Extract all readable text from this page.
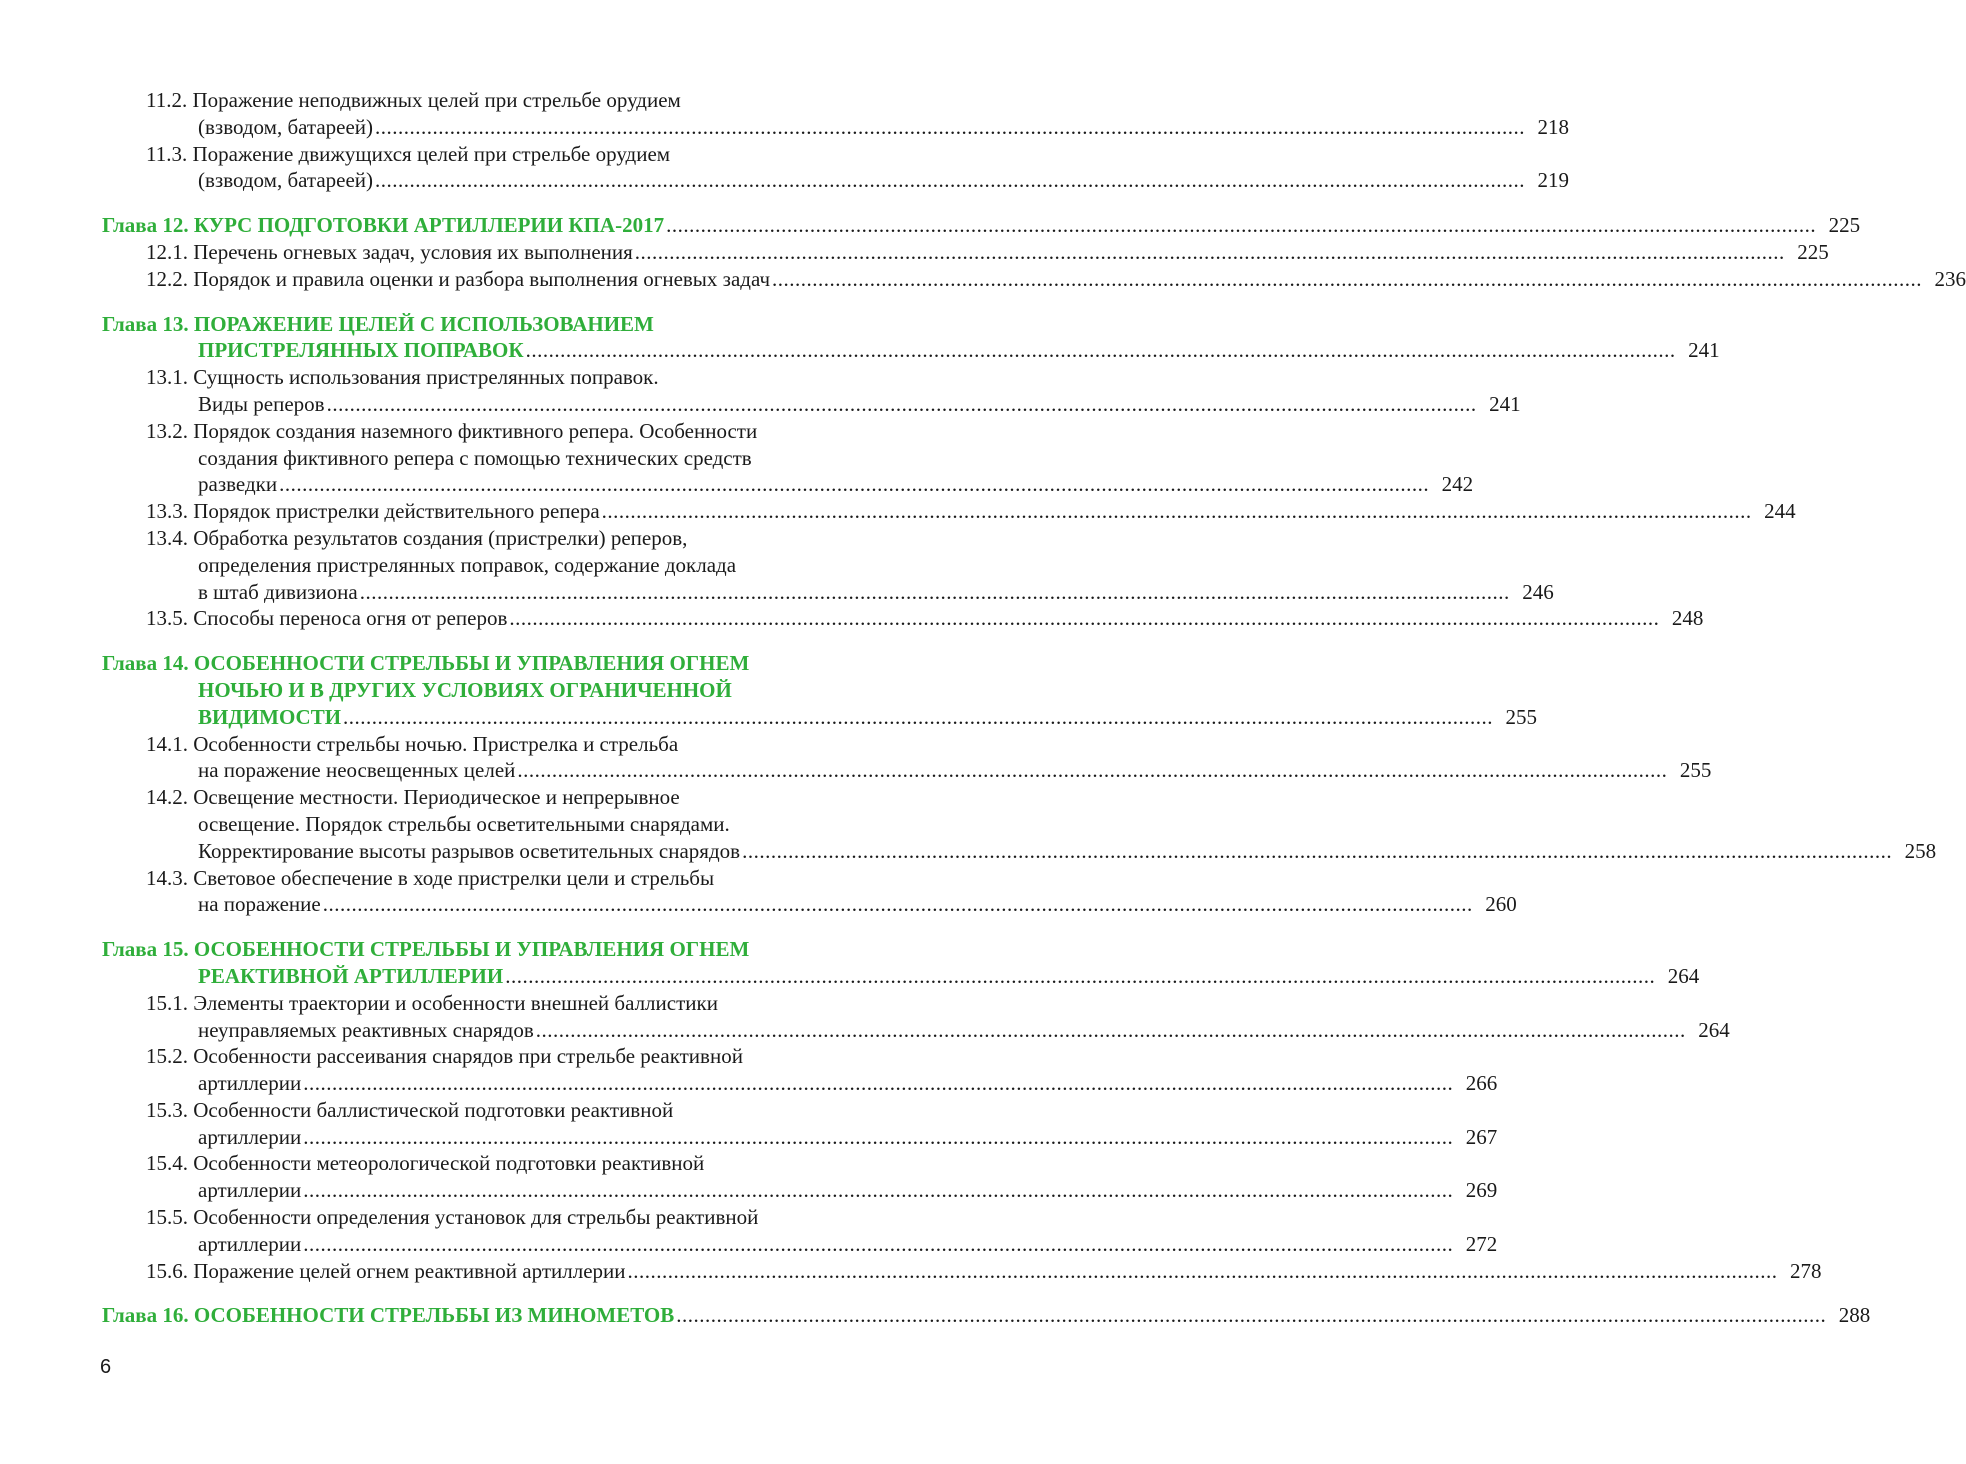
11.2. Поражение неподвижных целей при стрельбе орудием
(взводом, батареей) ........................................................................................................................................................................................................ 218
11.3. Поражение движущихся целей при стрельбе орудием
(взводом, батареей) ........................................................................................................................................................................................................ 219
Глава 12. КУРС ПОДГОТОВКИ АРТИЛЛЕРИИ КПА-2017 ........................................................................................................................................................................................................ 225
12.1. Перечень огневых задач, условия их выполнения ........................................................................................................................................................................................................ 225
12.2. Порядок и правила оценки и разбора выполнения огневых задач ........................................................................................................................................................................................................ 236
Глава 13. ПОРАЖЕНИЕ ЦЕЛЕЙ С ИСПОЛЬЗОВАНИЕМ
ПРИСТРЕЛЯННЫХ ПОПРАВОК ........................................................................................................................................................................................................ 241
13.1. Сущность использования пристрелянных поправок.
Виды реперов ........................................................................................................................................................................................................ 241
13.2. Порядок создания наземного фиктивного репера. Особенности
создания фиктивного репера с помощью технических средств
разведки ........................................................................................................................................................................................................ 242
13.3. Порядок пристрелки действительного репера ........................................................................................................................................................................................................ 244
13.4. Обработка результатов создания (пристрелки) реперов,
определения пристрелянных поправок, содержание доклада
в штаб дивизиона ........................................................................................................................................................................................................ 246
13.5. Способы переноса огня от реперов ........................................................................................................................................................................................................ 248
Глава 14. ОСОБЕННОСТИ СТРЕЛЬБЫ И УПРАВЛЕНИЯ ОГНЕМ
НОЧЬЮ И В ДРУГИХ УСЛОВИЯХ ОГРАНИЧЕННОЙ
ВИДИМОСТИ ........................................................................................................................................................................................................ 255
14.1. Особенности стрельбы ночью. Пристрелка и стрельба
на поражение неосвещенных целей ........................................................................................................................................................................................................ 255
14.2. Освещение местности. Периодическое и непрерывное
освещение. Порядок стрельбы осветительными снарядами.
Корректирование высоты разрывов осветительных снарядов ........................................................................................................................................................................................................ 258
14.3. Световое обеспечение в ходе пристрелки цели и стрельбы
на поражение ........................................................................................................................................................................................................ 260
Глава 15. ОСОБЕННОСТИ СТРЕЛЬБЫ И УПРАВЛЕНИЯ ОГНЕМ
РЕАКТИВНОЙ АРТИЛЛЕРИИ ........................................................................................................................................................................................................ 264
15.1. Элементы траектории и особенности внешней баллистики
неуправляемых реактивных снарядов ........................................................................................................................................................................................................ 264
15.2. Особенности рассеивания снарядов при стрельбе реактивной
артиллерии ........................................................................................................................................................................................................ 266
15.3. Особенности баллистической подготовки реактивной
артиллерии ........................................................................................................................................................................................................ 267
15.4. Особенности метеорологической подготовки реактивной
артиллерии ........................................................................................................................................................................................................ 269
15.5. Особенности определения установок для стрельбы реактивной
артиллерии ........................................................................................................................................................................................................ 272
15.6. Поражение целей огнем реактивной артиллерии ........................................................................................................................................................................................................ 278
Глава 16. ОСОБЕННОСТИ СТРЕЛЬБЫ ИЗ МИНОМЕТОВ ........................................................................................................................................................................................................ 288
6
